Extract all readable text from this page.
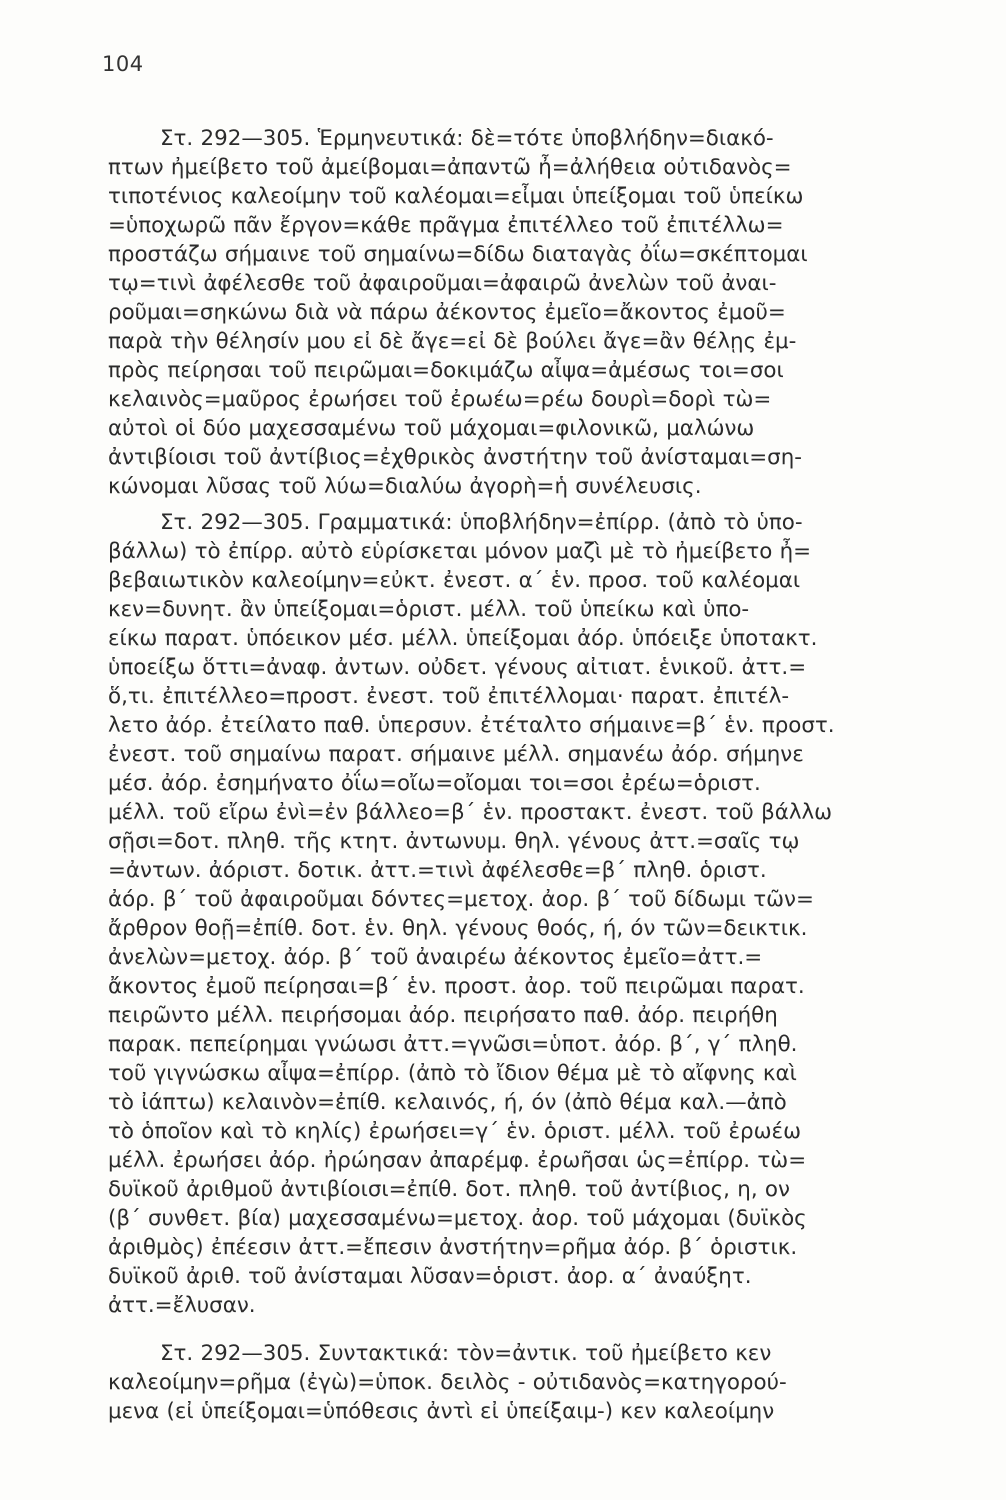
104

Στ. 292—305. Ἑρμηνευτικά: δὲ=τότε ὑποβλήδην=διακό-
πτων ἠμείβετο τοῦ ἀμείβομαι=ἀπαντῶ ἦ=ἀλήθεια οὐτιδανὸς=
τιποτένιος καλεοίμην τοῦ καλέομαι=εἶμαι ὑπείξομαι τοῦ ὑπείκω
=ὑποχωρῶ πᾶν ἔργον=κάθε πρᾶγμα ἐπιτέλλεο τοῦ ἐπιτέλλω=
προστάζω σήμαινε τοῦ σημαίνω=δίδω διαταγὰς ὀΐω=σκέπτομαι
τῳ=τινὶ ἀφέλεσθε τοῦ ἀφαιροῦμαι=ἀφαιρῶ ἀνελὼν τοῦ ἀναι-
ροῦμαι=σηκώνω διὰ νὰ πάρω ἀέκοντος ἐμεῖο=ἄκοντος ἐμοῦ=
παρὰ τὴν θέλησίν μου εἰ δὲ ἄγε=εἰ δὲ βούλει ἄγε=ἂν θέλῃς ἐμ-
πρὸς πείρησαι τοῦ πειρῶμαι=δοκιμάζω αἶψα=ἀμέσως τοι=σοι
κελαινὸς=μαῦρος ἐρωήσει τοῦ ἐρωέω=ρέω δουρὶ=δορὶ τὼ=
αὐτοὶ οἱ δύο μαχεσσαμένω τοῦ μάχομαι=φιλονικῶ, μαλώνω
ἀντιβίοισι τοῦ ἀντίβιος=ἐχθρικὸς ἀνστήτην τοῦ ἀνίσταμαι=ση-
κώνομαι λῦσας τοῦ λύω=διαλύω ἀγορὴ=ἡ συνέλευσις.

Στ. 292—305. Γραμματικά: ὑποβλήδην=ἐπίρρ. (ἀπὸ τὸ ὑπο-
βάλλω) τὸ ἐπίρρ. αὐτὸ εὑρίσκεται μόνον μαζὶ μὲ τὸ ἠμείβετο ἦ=
βεβαιωτικὸν καλεοίμην=εὐκτ. ἐνεστ. α΄ ἑν. προσ. τοῦ καλέομαι
κεν=δυνητ. ἂν ὑπείξομαι=ὁριστ. μέλλ. τοῦ ὑπείκω καὶ ὑπο-
είκω παρατ. ὑπόεικον μέσ. μέλλ. ὑπείξομαι ἀόρ. ὑπόειξε ὑποτακτ.
ὑποείξω ὅττι=ἀναφ. ἀντων. οὐδετ. γένους αἰτιατ. ἑνικοῦ. ἀττ.=
ὅ,τι. ἐπιτέλλεο=προστ. ἐνεστ. τοῦ ἐπιτέλλομαι· παρατ. ἐπιτέλ-
λετο ἀόρ. ἐτείλατο παθ. ὑπερσυν. ἐτέταλτο σήμαινε=β΄ ἑν. προστ.
ἐνεστ. τοῦ σημαίνω παρατ. σήμαινε μέλλ. σημανέω ἀόρ. σήμηνε
μέσ. ἀόρ. ἐσημήνατο ὀΐω=οἴω=οἴομαι τοι=σοι ἐρέω=ὁριστ.
μέλλ. τοῦ εἴρω ἐνὶ=ἐν βάλλεο=β΄ ἑν. προστακτ. ἐνεστ. τοῦ βάλλω
σῇσι=δοτ. πληθ. τῆς κτητ. ἀντωνυμ. θηλ. γένους ἀττ.=σαῖς τῳ
=ἀντων. ἀόριστ. δοτικ. ἀττ.=τινὶ ἀφέλεσθε=β΄ πληθ. ὁριστ.
ἀόρ. β΄ τοῦ ἀφαιροῦμαι δόντες=μετοχ. ἀορ. β΄ τοῦ δίδωμι τῶν=
ἄρθρον θοῇ=ἐπίθ. δοτ. ἑν. θηλ. γένους θοός, ή, όν τῶν=δεικτικ.
ἀνελὼν=μετοχ. ἀόρ. β΄ τοῦ ἀναιρέω ἀέκοντος ἐμεῖο=ἀττ.=
ἄκοντος ἐμοῦ πείρησαι=β΄ ἑν. προστ. ἀορ. τοῦ πειρῶμαι παρατ.
πειρῶντο μέλλ. πειρήσομαι ἀόρ. πειρήσατο παθ. ἀόρ. πειρήθη
παρακ. πεπείρημαι γνώωσι ἀττ.=γνῶσι=ὑποτ. ἀόρ. β΄, γ΄ πληθ.
τοῦ γιγνώσκω αἶψα=ἐπίρρ. (ἀπὸ τὸ ἴδιον θέμα μὲ τὸ αἴφνης καὶ
τὸ ἰάπτω) κελαινὸν=ἐπίθ. κελαινός, ή, όν (ἀπὸ θέμα καλ.—ἀπὸ
τὸ ὁποῖον καὶ τὸ κηλίς) ἐρωήσει=γ΄ ἑν. ὁριστ. μέλλ. τοῦ ἐρωέω
μέλλ. ἐρωήσει ἀόρ. ἠρώησαν ἀπαρέμφ. ἐρωῆσαι ὡς=ἐπίρρ. τὼ=
δυϊκοῦ ἀριθμοῦ ἀντιβίοισι=ἐπίθ. δοτ. πληθ. τοῦ ἀντίβιος, η, ον
(β΄ συνθετ. βία) μαχεσσαμένω=μετοχ. ἀορ. τοῦ μάχομαι (δυϊκὸς
ἀριθμὸς) ἐπέεσιν ἀττ.=ἔπεσιν ἀνστήτην=ρῆμα ἀόρ. β΄ ὁριστικ.
δυϊκοῦ ἀριθ. τοῦ ἀνίσταμαι λῦσαν=ὁριστ. ἀορ. α΄ ἀναύξητ.
ἀττ.=ἔλυσαν.

Στ. 292—305. Συντακτικά: τὸν=ἀντικ. τοῦ ἠμείβετο κεν
καλεοίμην=ρῆμα (ἐγὼ)=ὑποκ. δειλὸς - οὐτιδανὸς=κατηγορού-
μενα (εἰ ὑπείξομαι=ὑπόθεσις ἀντὶ εἰ ὑπείξαιμ-) κεν καλεοίμην
